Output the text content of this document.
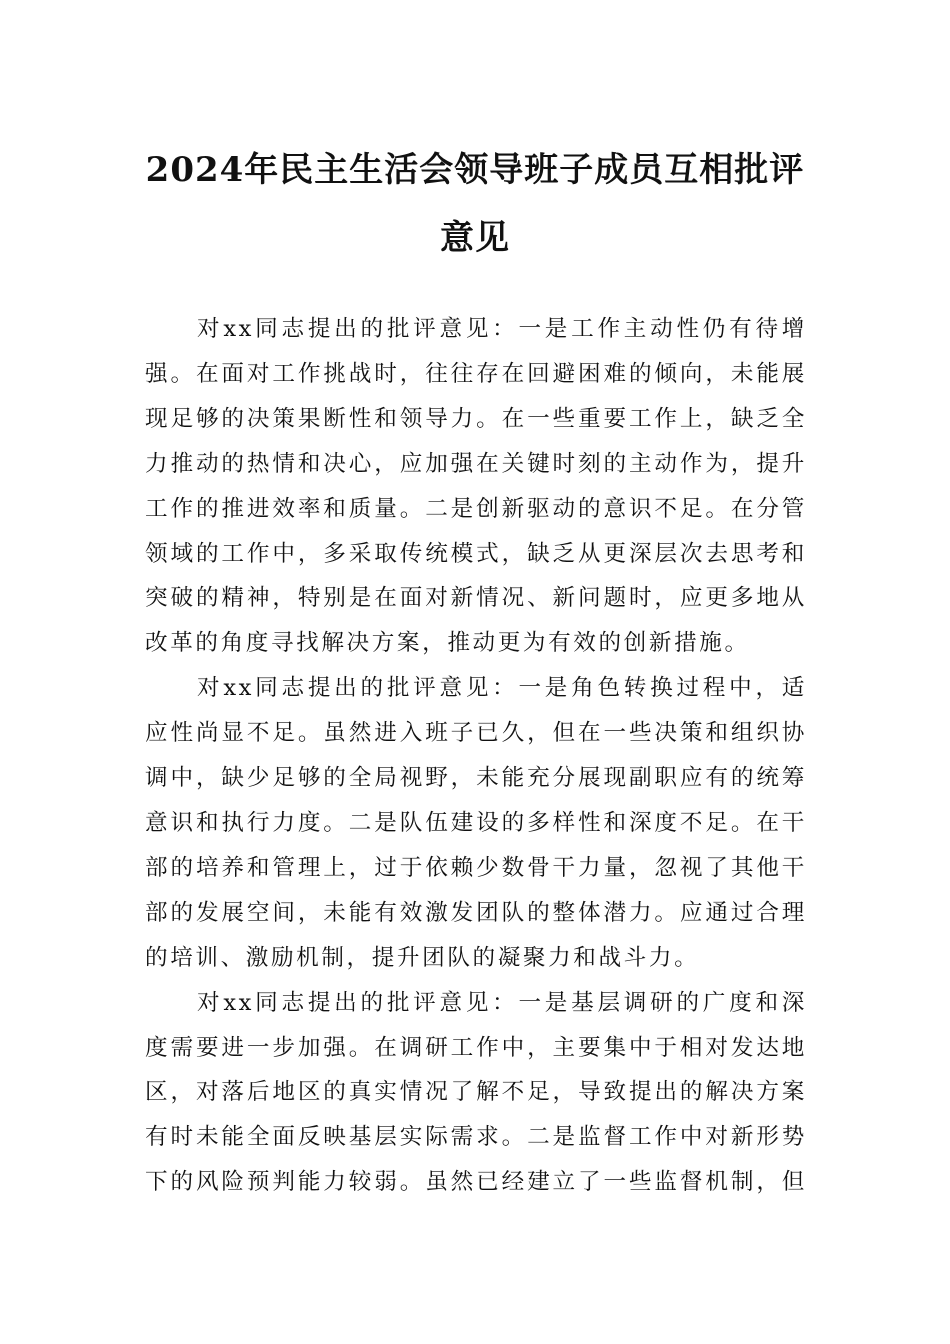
2024年民主生活会领导班子成员互相批评
意见

对xx同志提出的批评意见：一是工作主动性仍有待增
强。在面对工作挑战时，往往存在回避困难的倾向，未能展
现足够的决策果断性和领导力。在一些重要工作上，缺乏全
力推动的热情和决心，应加强在关键时刻的主动作为，提升
工作的推进效率和质量。二是创新驱动的意识不足。在分管
领域的工作中，多采取传统模式，缺乏从更深层次去思考和
突破的精神，特别是在面对新情况、新问题时，应更多地从
改革的角度寻找解决方案，推动更为有效的创新措施。

对xx同志提出的批评意见：一是角色转换过程中，适
应性尚显不足。虽然进入班子已久，但在一些决策和组织协
调中，缺少足够的全局视野，未能充分展现副职应有的统筹
意识和执行力度。二是队伍建设的多样性和深度不足。在干
部的培养和管理上，过于依赖少数骨干力量，忽视了其他干
部的发展空间，未能有效激发团队的整体潜力。应通过合理
的培训、激励机制，提升团队的凝聚力和战斗力。

对xx同志提出的批评意见：一是基层调研的广度和深
度需要进一步加强。在调研工作中，主要集中于相对发达地
区，对落后地区的真实情况了解不足，导致提出的解决方案
有时未能全面反映基层实际需求。二是监督工作中对新形势
下的风险预判能力较弱。虽然已经建立了一些监督机制，但
